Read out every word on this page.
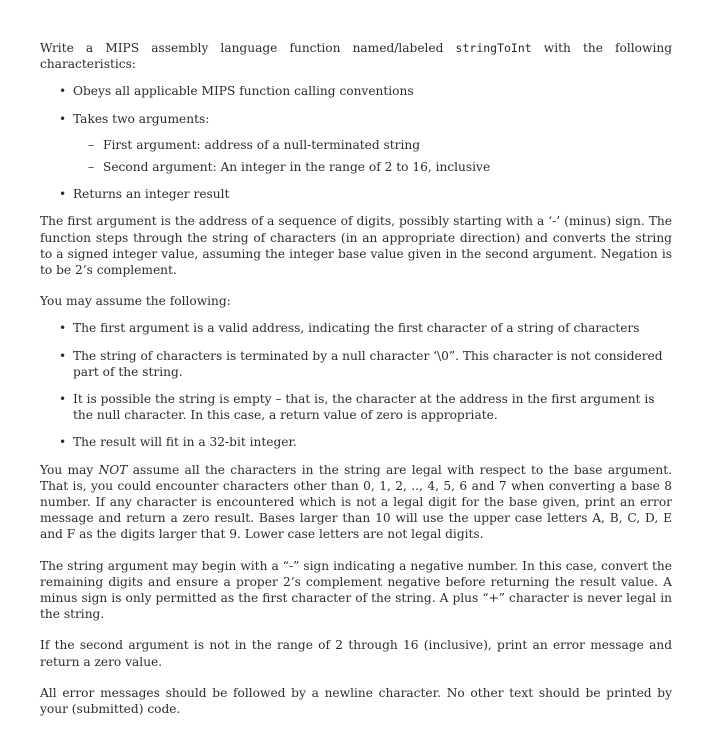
Write a MIPS assembly language function named/labeled stringToInt with the following characteristics:

• Obeys all applicable MIPS function calling conventions
• Takes two arguments:
– First argument: address of a null-terminated string
– Second argument: An integer in the range of 2 to 16, inclusive
• Returns an integer result

The first argument is the address of a sequence of digits, possibly starting with a ‘-’ (minus) sign. The function steps through the string of characters (in an appropriate direction) and converts the string to a signed integer value, assuming the integer base value given in the second argument. Negation is to be 2’s complement.

You may assume the following:

• The first argument is a valid address, indicating the first character of a string of characters
• The string of characters is terminated by a null character ‘\0”. This character is not considered part of the string.
• It is possible the string is empty – that is, the character at the address in the first argument is the null character. In this case, a return value of zero is appropriate.
• The result will fit in a 32-bit integer.

You may NOT assume all the characters in the string are legal with respect to the base argument. That is, you could encounter characters other than 0, 1, 2, .., 4, 5, 6 and 7 when converting a base 8 number. If any character is encountered which is not a legal digit for the base given, print an error message and return a zero result. Bases larger than 10 will use the upper case letters A, B, C, D, E and F as the digits larger that 9. Lower case letters are not legal digits.

The string argument may begin with a “-” sign indicating a negative number. In this case, convert the remaining digits and ensure a proper 2’s complement negative before returning the result value. A minus sign is only permitted as the first character of the string. A plus “+” character is never legal in the string.

If the second argument is not in the range of 2 through 16 (inclusive), print an error message and return a zero value.

All error messages should be followed by a newline character. No other text should be printed by your (submitted) code.
